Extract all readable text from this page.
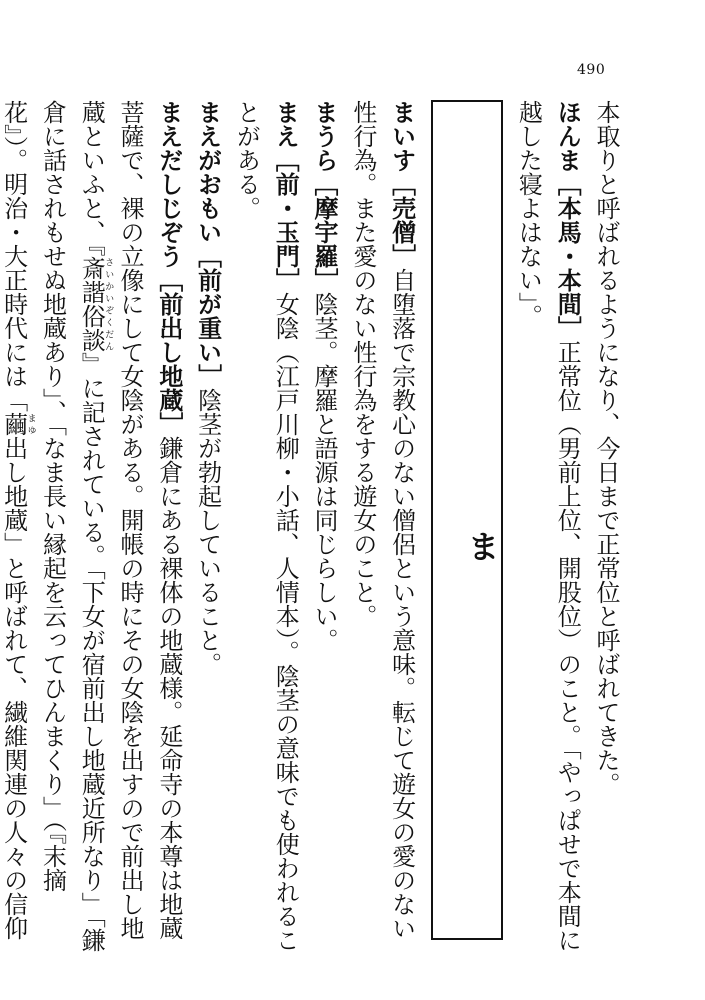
490

本取りと呼ばれるようになり、今日まで正常位と呼ばれてきた。

ほんま［本馬・本間］正常位（男前上位、開股位）のこと。「やっぱせで本間に越した寝よはない」。

ま

まいす［売僧］自堕落で宗教心のない僧侶という意味。転じて遊女の愛のない性行為。また愛のない性行為をする遊女のこと。

まうら［摩宇羅］陰茎。摩羅と語源は同じらしい。

まえ［前・玉門］女陰（江戸川柳・小話、人情本）。陰茎の意味でも使われることがある。

まえがおもい［前が重い］陰茎が勃起していること。

まえだしじぞう［前出し地蔵］鎌倉にある裸体の地蔵様。延命寺の本尊は地蔵菩薩で、裸の立像にして女陰がある。開帳の時にその女陰を出すので前出し地蔵といふと、『斎諧俗談さいかいぞくだん』に記されている。「下女が宿前出し地蔵近所なり」「鎌倉に話されもせぬ地蔵あり」、「なま長い縁起を云ってひんまくり」（『末摘花』）。明治・大正時代には「繭まゆ出し地蔵」と呼ばれて、繊維関連の人々の信仰
